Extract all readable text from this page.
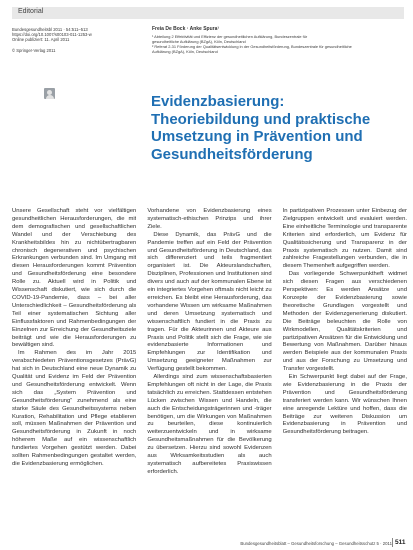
Editorial
Bundesgesundheitsbl 2011 · 54:511–513
https://doi.org/10.1007/s00103-011-1253-w
Online publiziert: 11. April 2011
© Springer-Verlag 2011
Freia De Bock · Anke Spura¹
¹ Abteilung 2 Effektivität und Effizienz der gesundheitlichen Aufklärung, Bundeszentrale für
gesundheitliche Aufklärung (BZgA), Köln, Deutschland
² Referat 2-31 Förderung der Qualitätsentwicklung in der Gesundheitsförderung, Bundeszentrale für gesundheitliche
Aufklärung (BZgA), Köln, Deutschland
Evidenzbasierung:
Theoriebildung und praktische
Umsetzung in Prävention und
Gesundheitsförderung

Unsere Gesellschaft steht vor vielfältigen gesundheitlichen Herausforderungen, die mit dem demografischen und gesellschaftlichen Wandel und der Verschiebung des Krankheitsbildes hin zu nichtübertragbaren chronisch degenerativen und psychischen Erkrankungen verbunden sind. Im Umgang mit diesen Herausforderungen kommt Prävention und Gesundheitsförderung eine besondere Rolle zu. Aktuell wird in Politik und Wissenschaft diskutiert, wie sich durch die COVID-19-Pandemie, dass – bei aller Unterschiedlichkeit – Gesundheitsförderung als Teil einer systematischen Sichtung aller Einflussfaktoren und Rahmenbedingungen der Einzelnen zur Erreichung der Gesundheitsziele beiträgt und wie die Herausforderungen zu bewältigen sind.

Im Rahmen des im Jahr 2015 verabschiedeten Präventionsgesetzes (PrävG) hat sich in Deutschland eine neue Dynamik zu Qualität und Evidenz im Feld der Prävention und Gesundheitsförderung entwickelt. Wenn sich das „System Prävention und Gesundheitsförderung“ zunehmend als eine starke Säule des Gesundheitssystems neben Kuration, Rehabilitation und Pflege etablieren soll, müssen Maßnahmen der Prävention und Gesundheitsförderung in Zukunft in noch höherem Maße auf ein wissenschaftlich fundiertes Vorgehen gestützt werden. Dabei sollten Rahmenbedingungen gestaltet werden, die Evidenzbasierung ermöglichen.

Vorhandene von Evidenzbasierung eines systematisch-ethischen Prinzips und ihrer Ziele.

Diese Dynamik, das PrävG und die Pandemie treffen auf ein Feld der Prävention und Gesundheitsförderung in Deutschland, das sich differenziert und teils fragmentiert organisiert ist. Die Akteurslandschaften, Disziplinen, Professionen und Institutionen sind divers und auch auf der kommunalen Ebene ist ein integriertes Vorgehen oftmals nicht leicht zu erreichen. Es bleibt eine Herausforderung, das vorhandene Wissen um wirksame Maßnahmen und deren Umsetzung systematisch und wissenschaftlich fundiert in die Praxis zu tragen. Für die Akteurinnen und Akteure aus Praxis und Politik stellt sich die Frage, wie sie evidenzbasierte Informationen und Empfehlungen zur Identifikation und Umsetzung geeigneter Maßnahmen zur Verfügung gestellt bekommen.

Allerdings sind zum wissenschaftsbasierten Empfehlungen oft nicht in der Lage, die Praxis tatsächlich zu erreichen. Stattdessen entstehen Lücken zwischen Wissen und Handeln, die auch die Entscheidungsträgerinnen und -träger benötigen, um die Wirkungen von Maßnahmen zu beurteilen, diese kontinuierlich weiterzuentwickeln und in wirksame Gesundheitsmaßnahmen für die Bevölkerung zu übersetzen. Hierzu sind sowohl Evidenzen aus Wirksamkeitsstudien als auch systematisch aufbereitetes Praxiswissen erforderlich.

In partizipativen Prozessen unter Einbezug der Zielgruppen entwickelt und evaluiert werden. Eine einheitliche Terminologie und transparente Kriterien sind erforderlich, um Evidenz für Qualitätssicherung und Transparenz in der Praxis systematisch zu nutzen. Damit sind zahlreiche Fragestellungen verbunden, die in diesem Themenheft aufgegriffen werden.

Das vorliegende Schwerpunktheft widmet sich diesen Fragen aus verschiedenen Perspektiven: Es werden Ansätze und Konzepte der Evidenzbasierung sowie theoretische Grundlagen vorgestellt und Methoden der Evidenzgenerierung diskutiert. Die Beiträge beleuchten die Rolle von Wirkmodellen, Qualitätskriterien und partizipativen Ansätzen für die Entwicklung und Bewertung von Maßnahmen. Darüber hinaus werden Beispiele aus der kommunalen Praxis und aus der Forschung zu Umsetzung und Transfer vorgestellt.

Ein Schwerpunkt liegt dabei auf der Frage, wie Evidenzbasierung in die Praxis der Prävention und Gesundheitsförderung transferiert werden kann. Wir wünschen Ihnen eine anregende Lektüre und hoffen, dass die Beiträge zur weiteren Diskussion um Evidenzbasierung in Prävention und Gesundheitsförderung beitragen.

Bundesgesundheitsblatt – Gesundheitsforschung – Gesundheitsschutz 5 · 2011 511
